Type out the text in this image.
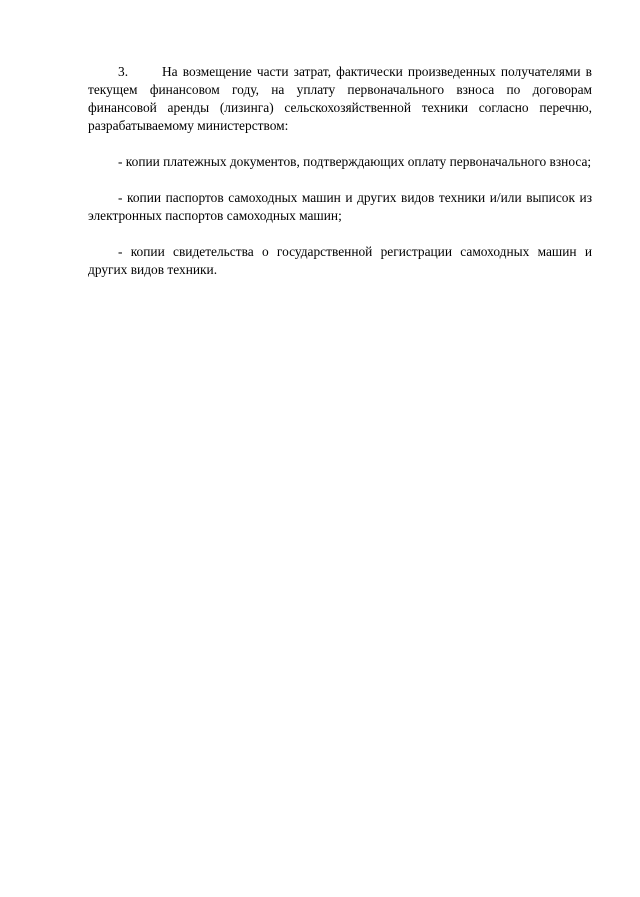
3.	На возмещение части затрат, фактически произведенных получателями в текущем финансовом году, на уплату первоначального взноса по договорам финансовой аренды (лизинга) сельскохозяйственной техники согласно перечню, разрабатываемому министерством:

- копии платежных документов, подтверждающих оплату первоначального взноса;

- копии паспортов самоходных машин и других видов техники и/или выписок из электронных паспортов самоходных машин;

- копии свидетельства о государственной регистрации самоходных машин и других видов техники.
